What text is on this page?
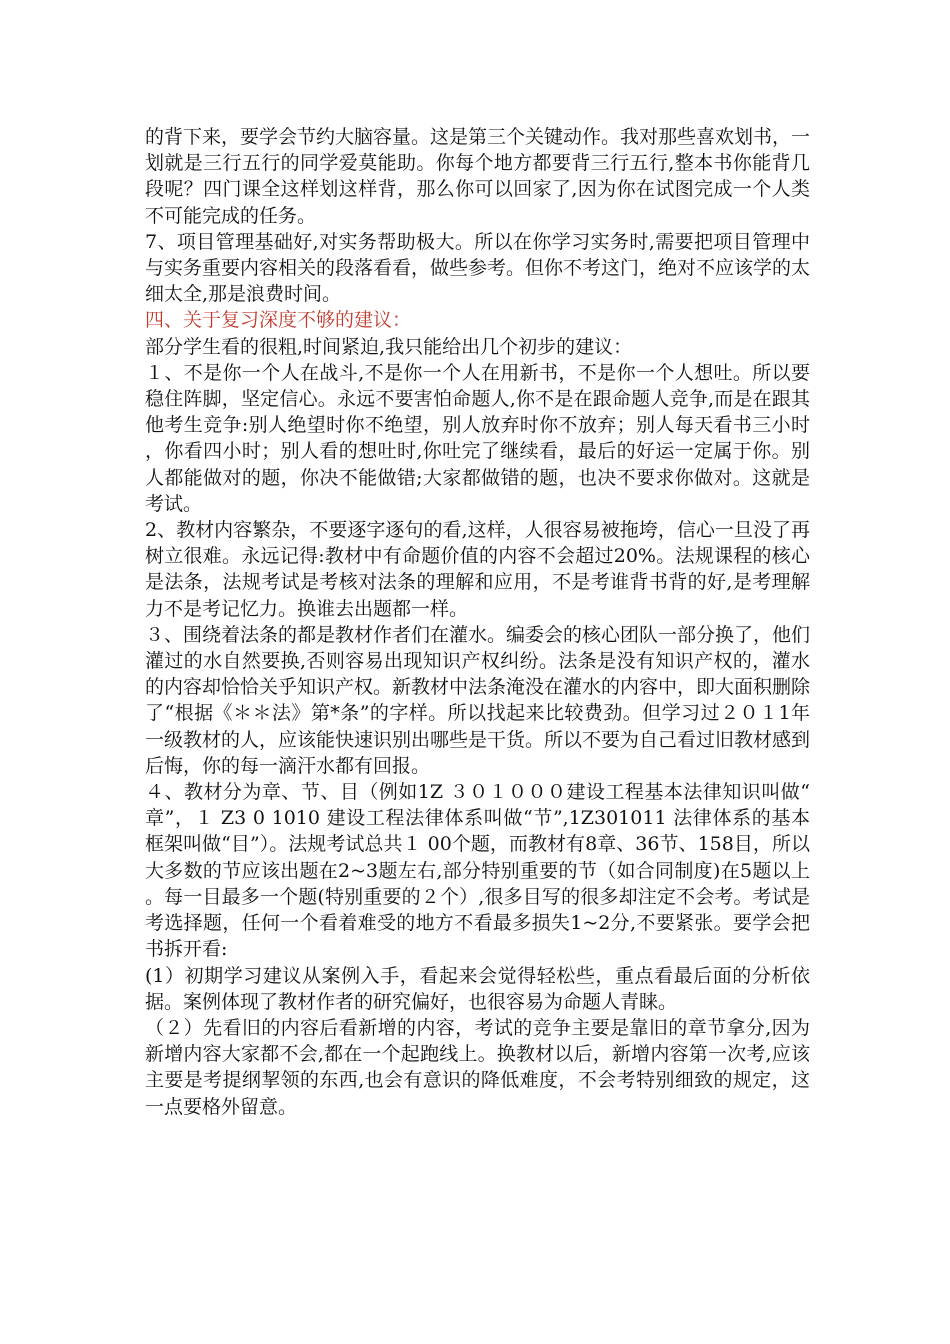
的背下来，要学会节约大脑容量。这是第三个关键动作。我对那些喜欢划书，一划就是三行五行的同学爱莫能助。你每个地方都要背三行五行,整本书你能背几段呢？四门课全这样划这样背，那么你可以回家了,因为你在试图完成一个人类不可能完成的任务。

7、项目管理基础好,对实务帮助极大。所以在你学习实务时,需要把项目管理中与实务重要内容相关的段落看看，做些参考。但你不考这门，绝对不应该学的太细太全,那是浪费时间。

四、关于复习深度不够的建议：

部分学生看的很粗,时间紧迫,我只能给出几个初步的建议：

１、不是你一个人在战斗,不是你一个人在用新书，不是你一个人想吐。所以要稳住阵脚，坚定信心。永远不要害怕命题人,你不是在跟命题人竞争,而是在跟其他考生竞争:别人绝望时你不绝望，别人放弃时你不放弃；别人每天看书三小时，你看四小时；别人看的想吐时,你吐完了继续看，最后的好运一定属于你。别人都能做对的题，你决不能做错;大家都做错的题，也决不要求你做对。这就是考试。

2、教材内容繁杂，不要逐字逐句的看,这样，人很容易被拖垮，信心一旦没了再树立很难。永远记得:教材中有命题价值的内容不会超过20%。法规课程的核心是法条，法规考试是考核对法条的理解和应用，不是考谁背书背的好,是考理解力不是考记忆力。换谁去出题都一样。

３、围绕着法条的都是教材作者们在灌水。编委会的核心团队一部分换了，他们灌过的水自然要换,否则容易出现知识产权纠纷。法条是没有知识产权的，灌水的内容却恰恰关乎知识产权。新教材中法条淹没在灌水的内容中，即大面积删除了“根据《＊＊法》第*条”的字样。所以找起来比较费劲。但学习过２０１1年一级教材的人，应该能快速识别出哪些是干货。所以不要为自己看过旧教材感到后悔，你的每一滴汗水都有回报。

４、教材分为章、节、目（例如1Z ３０１０００建设工程基本法律知识叫做“章”，１ Z3 0 1010 建设工程法律体系叫做“节”,1Z301011 法律体系的基本框架叫做“目”）。法规考试总共１ 00个题，而教材有8章、36节、158目，所以大多数的节应该出题在2~3题左右,部分特别重要的节（如合同制度)在5题以上。每一目最多一个题(特别重要的２个）,很多目写的很多却注定不会考。考试是考选择题，任何一个看着难受的地方不看最多损失1~2分,不要紧张。要学会把书拆开看:

(1）初期学习建议从案例入手，看起来会觉得轻松些，重点看最后面的分析依据。案例体现了教材作者的研究偏好，也很容易为命题人青睐。

（２）先看旧的内容后看新增的内容，考试的竞争主要是靠旧的章节拿分,因为新增内容大家都不会,都在一个起跑线上。换教材以后，新增内容第一次考,应该主要是考提纲挈领的东西,也会有意识的降低难度，不会考特别细致的规定，这一点要格外留意。
